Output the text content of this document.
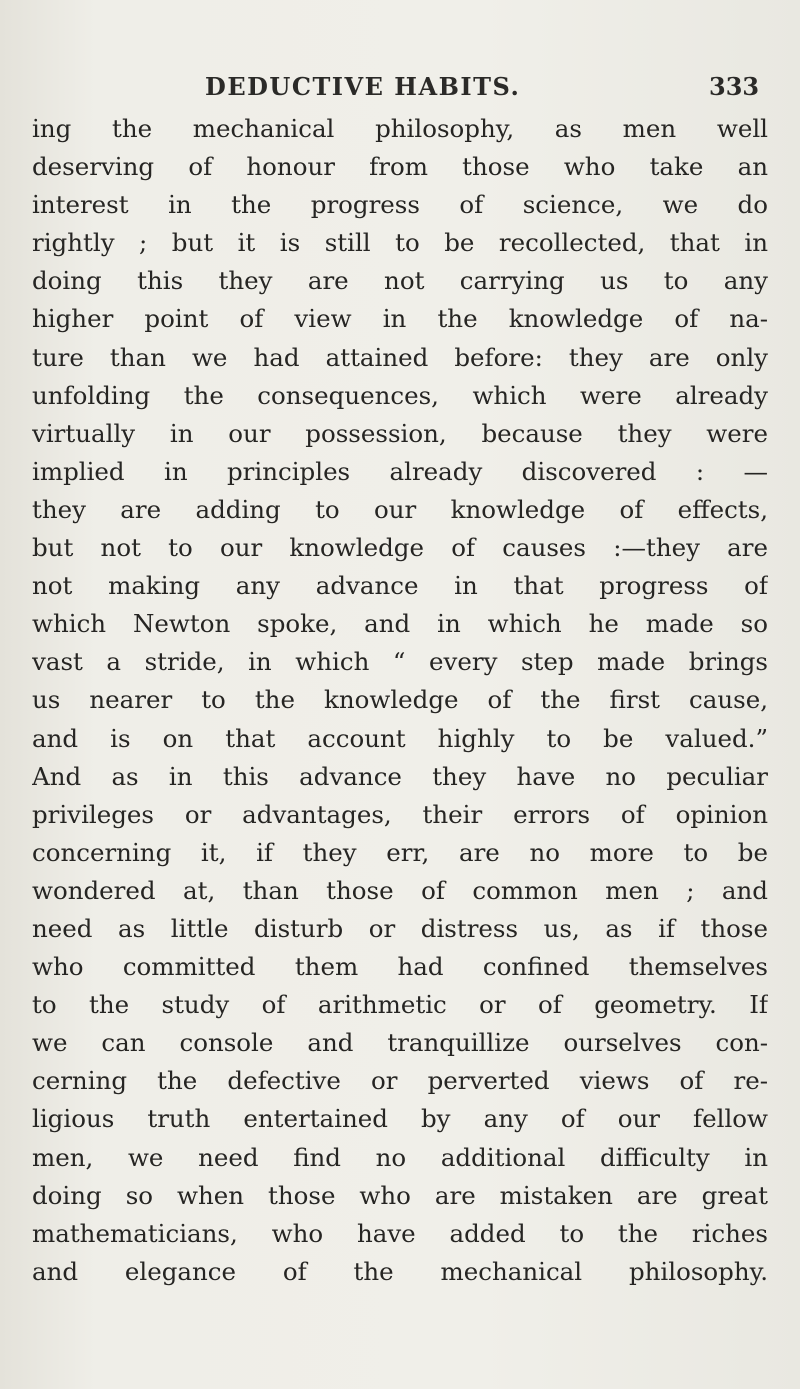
DEDUCTIVE HABITS.	333
ing the mechanical philosophy, as men well
deserving of honour from those who take an
interest in the progress of science, we do
rightly ; but it is still to be recollected, that in
doing this they are not carrying us to any
higher point of view in the knowledge of na-
ture than we had attained before: they are only
unfolding the consequences, which were already
virtually in our possession, because they were
implied in principles already discovered : —
they are adding to our knowledge of effects,
but not to our knowledge of causes :—they are
not making any advance in that progress of
which Newton spoke, and in which he made so
vast a stride, in which “ every step made brings
us nearer to the knowledge of the first cause,
and is on that account highly to be valued.”
And as in this advance they have no peculiar
privileges or advantages, their errors of opinion
concerning it, if they err, are no more to be
wondered at, than those of common men ; and
need as little disturb or distress us, as if those
who committed them had confined themselves
to the study of arithmetic or of geometry. If
we can console and tranquillize ourselves con-
cerning the defective or perverted views of re-
ligious truth entertained by any of our fellow
men, we need find no additional difficulty in
doing so when those who are mistaken are great
mathematicians, who have added to the riches
and elegance of the mechanical philosophy.
